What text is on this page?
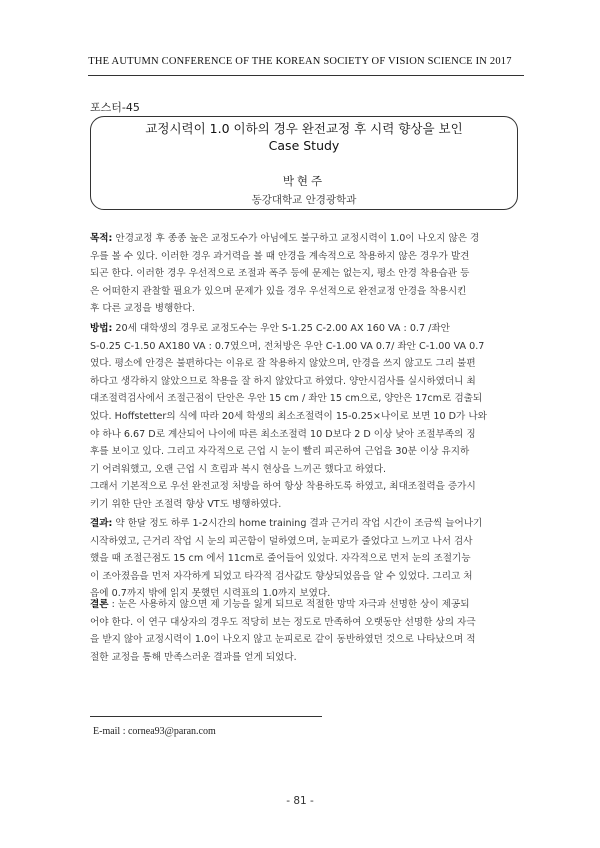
THE AUTUMN CONFERENCE OF THE KOREAN SOCIETY OF VISION SCIENCE IN 2017
포스터-45
교정시력이 1.0 이하의 경우 완전교정 후 시력 향상을 보인
Case Study
박현주
동강대학교 안경광학과
목적: 안경교정 후 종종 높은 교정도수가 아님에도 불구하고 교정시력이 1.0이 나오지 않은 경
우를 볼 수 있다. 이러한 경우 과거력을 볼 때 안경을 계속적으로 착용하지 않은 경우가 발견
되곤 한다. 이러한 경우 우선적으로 조절과 폭주 등에 문제는 없는지, 평소 안경 착용습관 등
은 어떠한지 관찰할 필요가 있으며 문제가 있을 경우 우선적으로 완전교정 안경을 착용시킨
후 다른 교정을 병행한다.
방법: 20세 대학생의 경우로 교정도수는 우안 S-1.25 C-2.00 AX 160 VA : 0.7 /좌안
S-0.25 C-1.50 AX180 VA : 0.7였으며, 전처방은 우안 C-1.00 VA 0.7/ 좌안 C-1.00 VA 0.7
였다. 평소에 안경은 불편하다는 이유로 잘 착용하지 않았으며, 안경을 쓰지 않고도 그리 불편
하다고 생각하지 않았으므로 착용을 잘 하지 않았다고 하였다. 양안시검사를 실시하였더니 최
대조절력검사에서 조절근점이 단안은 우안 15 cm / 좌안 15 cm으로, 양안은 17cm로 검출되
었다. Hoffstetter의 식에 따라 20세 학생의 최소조절력이 15-0.25×나이로 보면 10 D가 나와
야 하나 6.67 D로 계산되어 나이에 따른 최소조절력 10 D보다 2 D 이상 낮아 조절부족의 징
후를 보이고 있다. 그리고 자각적으로 근업 시 눈이 빨리 피곤하여 근업을 30분 이상 유지하
기 어려워했고, 오랜 근업 시 흐림과 복시 현상을 느끼곤 했다고 하였다.
그래서 기본적으로 우선 완전교정 처방을 하여 항상 착용하도록 하였고, 최대조절력을 증가시
키기 위한 단안 조절력 향상 VT도 병행하였다.
결과: 약 한달 정도 하루 1-2시간의 home training 결과 근거리 작업 시간이 조금씩 늘어나기
시작하였고, 근거리 작업 시 눈의 피곤함이 덜하였으며, 눈피로가 줄었다고 느끼고 나서 검사
했을 때 조절근점도 15 cm 에서 11cm로 줄어들어 있었다. 자각적으로 먼저 눈의 조절기능
이 조아졌음을 먼저 자각하게 되었고 타각적 검사값도 향상되었음을 알 수 있었다. 그리고 처
음에 0.7까지 밖에 읽지 못했던 시력표의 1.0까지 보였다.
결론 : 눈은 사용하지 않으면 제 기능을 잃게 되므로 적절한 망막 자극과 선명한 상이 제공되
어야 한다. 이 연구 대상자의 경우도 적당히 보는 정도로 만족하여 오랫동안 선명한 상의 자극
을 받지 않아 교정시력이 1.0이 나오지 않고 눈피로로 같이 동반하였던 것으로 나타났으며 적
절한 교정을 통해 만족스러운 결과를 얻게 되었다.
E-mail : cornea93@paran.com
- 81 -
